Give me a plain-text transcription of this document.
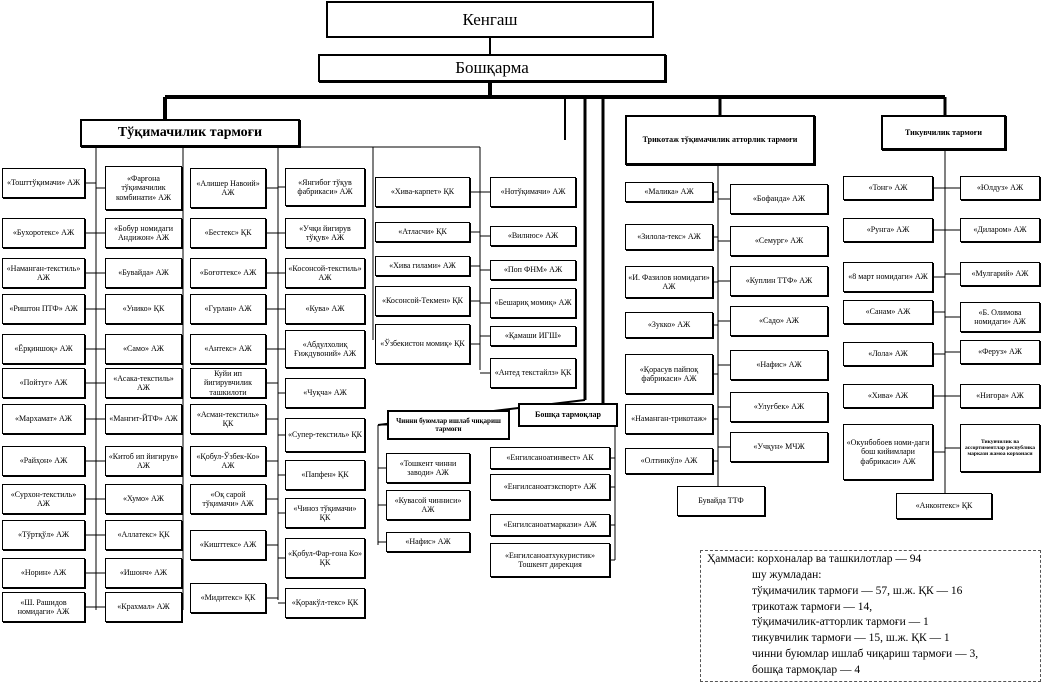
Кенгаш
Бошқарма
Тўқимачилик тармоғи	Трикотаж тўқимачилик атторлик тармоғи
Тикувчилик тармоғи
Чинни буюмлар ишлаб чиқариш тармоғи
Бошқа тармоқлар
«Тошттўқимачи» АЖ
«Бухоротекс» АЖ
«Наманган-текстиль» АЖ
«Риштон ПТФ» АЖ
«Ёрқиншоқ» АЖ
«Пойтуг» АЖ
«Мархамат» АЖ
«Райҳон» АЖ
«Сурхон-текстиль» АЖ
«Тўртқўл» АЖ
«Норин» АЖ
«Ш. Рашидов номидаги» АЖ
«Фарғона тўқимачилик комбинати» АЖ
«Бобур номидаги Андижон» АЖ
«Бувайда» АЖ
«Унико» ҚК
«Само» АЖ
«Асака-текстиль» АЖ
«Мангит-ЙТФ» АЖ
«Китоб ип йигирув» АЖ
«Хумо» АЖ
«Аллатекс» ҚК
«Ишонч» АЖ
«Крахмал» АЖ
«Алишер Навоий» АЖ
«Бестекс» ҚК
«Боғоттекс» АЖ
«Гурлан» АЖ
«Антекс» АЖ
Куйи ип йигирувчилик ташкилоти
«Асман-текстиль» ҚК
«Қобул-Ўзбек-Ко» АЖ
«Оқ сарой тўқимачи» АЖ
«Кишттекс» АЖ
«Мидитекс» ҚК
«Янгибоғ тўқув фабрикаси» АЖ
«Учқи йигирув тўқув» АЖ
«Косонсой-текстиль» АЖ
«Кува» АЖ
«Абдулхолиқ Ғиждувоний» АЖ
«Чуқча» АЖ
«Супер-текстиль» ҚК
«Папфен» ҚК
«Чиноз тўқимачи» ҚК
«Қобул-Фар-ғона Ко» ҚК
«Қоракўл-текс» ҚК
«Хива-карпет» ҚК
«Атласчи» ҚК
«Хива гилами» АЖ
«Косонсой-Текмен» ҚК
«Ўзбекистон момиқ» ҚК
«Нотўқимачи» АЖ
«Вилнюс» АЖ
«Поп ФНМ» АЖ
«Бешариқ момиқ» АЖ
«Қамаши ИГШ»
«Антед текстайлз» ҚК
«Малика» АЖ
«Зилола-текс» АЖ
«И. Фазилов номидаги» АЖ
«Зукко» АЖ
«Қорасув пайпоқ фабрикаси» АЖ
«Наманган-трикотаж»
«Олтинкўл» АЖ
«Бофанда» АЖ
«Семург» АЖ
«Куплин ТТФ» АЖ
«Садо» АЖ
«Нафис» АЖ
«Улуғбек» АЖ
«Учқун» МЧЖ
«Тонг» АЖ
«Рунга» АЖ
«8 март номидаги» АЖ
«Санам» АЖ
«Лола» АЖ
«Хива» АЖ
«Окунбобоев номи-даги бош кийимлари фабрикаси» АЖ
«Юлдуз» АЖ
«Диларом» АЖ
«Мулгарий» АЖ
«Б. Олимова номидаги» АЖ
«Феруз» АЖ
«Нигора» АЖ
Тикувчилик ва ассортиментлар республика маркази жамоа корхонаси
«Тошкент чинни заводи» АЖ
«Кувасой чинниси» АЖ
«Нафис» АЖ
«Енгилсаноатинвест» АК
«Енгилсаноатэкспорт» АЖ
«Енгилсаноатмаркази» АЖ
«Енгилсаноатхукуристик» Тошкент дирекция
Бувайда ТТФ
«Анконтекс» ҚК
Ҳаммаси: корхоналар ва ташкилотлар — 94
шу жумладан:
тўқимачилик тармоғи — 57, ш.ж. ҚК — 16
трикотаж тармоғи — 14,
тўқимачилик-атторлик тармоғи — 1
тикувчилик тармоғи — 15, ш.ж. ҚК — 1
чинни буюмлар ишлаб чиқариш тармоғи — 3,
бошқа тармоқлар — 4
